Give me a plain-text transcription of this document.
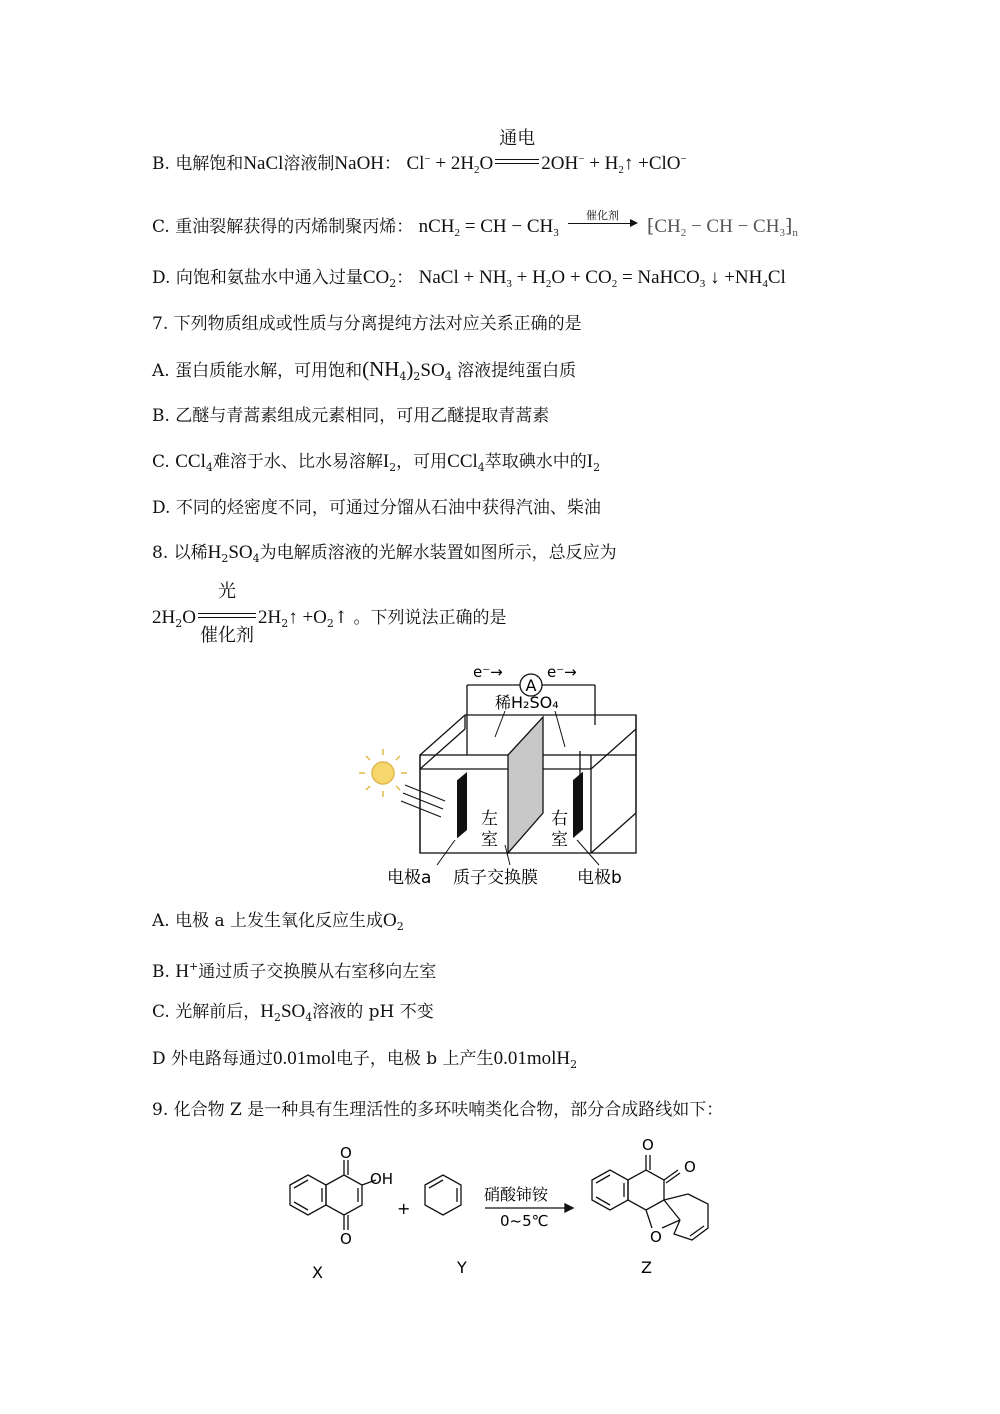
B. 电解饱和NaCl溶液制NaOH： $Cl^- + 2H_2O$
通电
$2OH^- + H_2↑ +ClO^-$
C. 重油裂解获得的丙烯制聚丙烯： nCH$_2$ = CH − $CH_3$
催化剂
$⁅CH_2$ − CH − $CH_3⁆_n$
D. 向饱和氨盐水中通入过量$CO_2$： NaCl + $NH_3 + H_2O + CO_2$ = NaHCO$_3$ ↓ $+NH_4Cl$
7. 下列物质组成或性质与分离提纯方法对应关系正确的是
A. 蛋白质能水解，可用饱和$(NH_4)_2SO_4$ 溶液提纯蛋白质
B. 乙醚与青蒿素组成元素相同，可用乙醚提取青蒿素
C. CCl$_4$难溶于水、比水易溶解$I_2$，可用CCl$_4$萃取碘水中的$I_2$
D. 不同的烃密度不同，可通过分馏从石油中获得汽油、柴油
8. 以稀$H_2SO_4$为电解质溶液的光解水装置如图所示，总反应为
$2H_2O$
光
催化剂
$2H_2↑$ $+O_2↑$ 。下列说法正确的是
A
e⁻→	e⁻→
稀H₂SO₄
左
室
右
室
电极a 质子交换膜 电极b
A. 电极 a 上发生氧化反应生成$O_2$
B. H+通过质子交换膜从右室移向左室
C. 光解前后，$H_2SO_4$溶液的 pH 不变
D 外电路每通过0.01mol电子，电极 b 上产生0.01molH$_2$
9. 化合物 Z 是一种具有生理活性的多环呋喃类化合物，部分合成路线如下：
O
O
OH
+
硝酸铈铵
0~5℃
O
O
O
X	Y	Z
